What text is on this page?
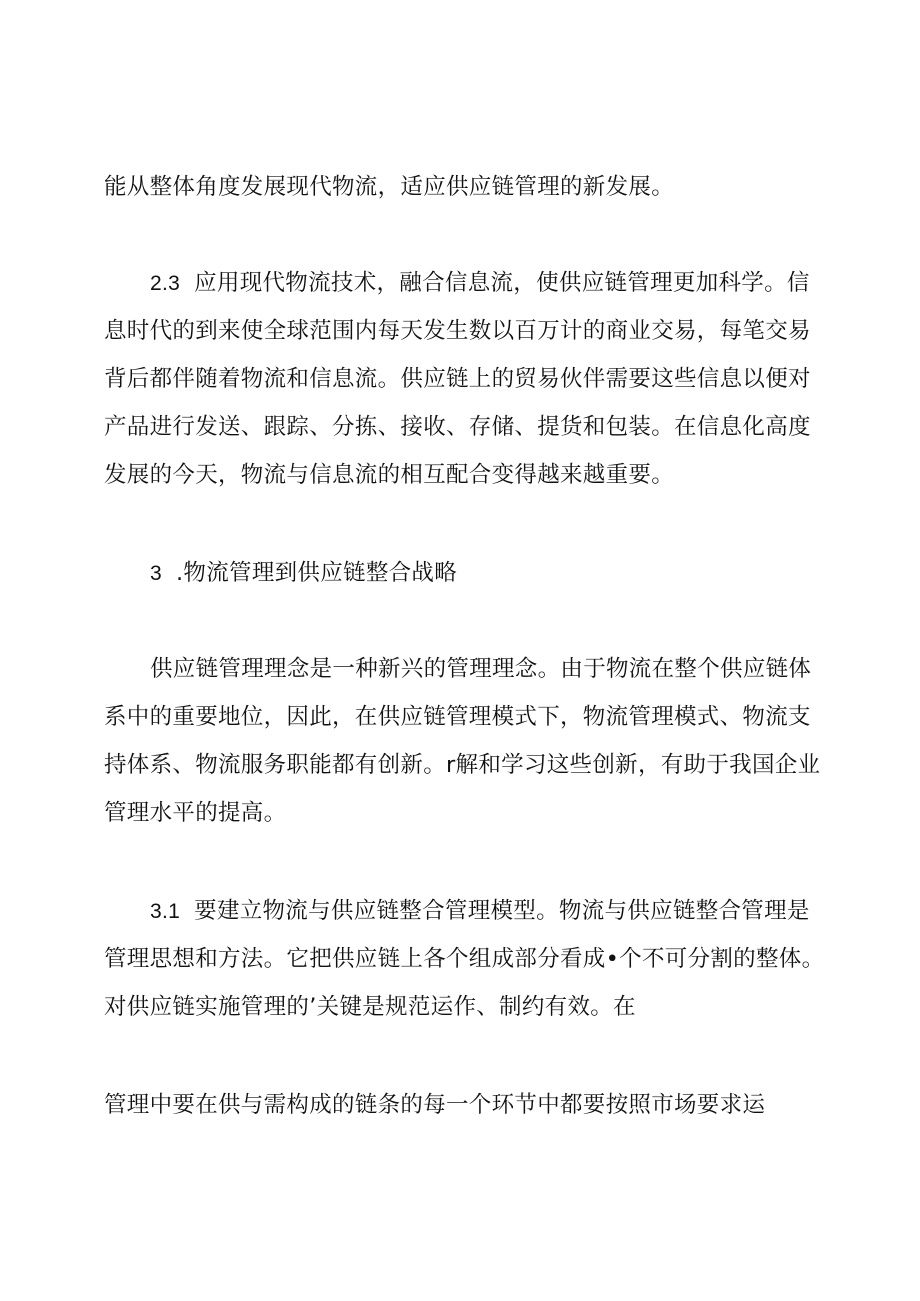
能从整体角度发展现代物流，适应供应链管理的新发展。
2.3 应用现代物流技术，融合信息流，使供应链管理更加科学。信
息时代的到来使全球范围内每天发生数以百万计的商业交易，每笔交易
背后都伴随着物流和信息流。供应链上的贸易伙伴需要这些信息以便对
产品进行发送、跟踪、分拣、接收、存储、提货和包装。在信息化高度
发展的今天，物流与信息流的相互配合变得越来越重要。
3 .物流管理到供应链整合战略
供应链管理理念是一种新兴的管理理念。由于物流在整个供应链体
系中的重要地位，因此，在供应链管理模式下，物流管理模式、物流支
持体系、物流服务职能都有创新。r解和学习这些创新，有助于我国企业
管理水平的提高。
3.1 要建立物流与供应链整合管理模型。物流与供应链整合管理是
管理思想和方法。它把供应链上各个组成部分看成•个不可分割的整体。
对供应链实施管理的’关键是规范运作、制约有效。在
管理中要在供与需构成的链条的每一个环节中都要按照市场要求运
